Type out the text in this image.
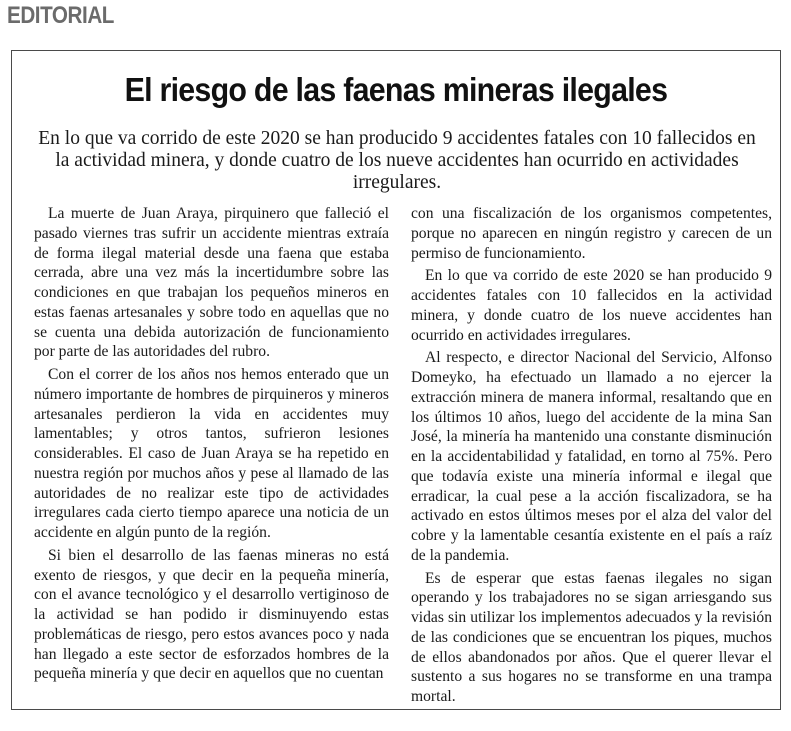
EDITORIAL
El riesgo de las faenas mineras ilegales

En lo que va corrido de este 2020 se han producido 9 accidentes fatales con 10 fallecidos en la actividad minera, y donde cuatro de los nueve accidentes han ocurrido en actividades irregulares.

La muerte de Juan Araya, pirquinero que falleció el pasado viernes tras sufrir un accidente mientras extraía de forma ilegal material desde una faena que estaba cerrada, abre una vez más la incertidumbre sobre las condiciones en que trabajan los pequeños mineros en estas faenas artesanales y sobre todo en aquellas que no se cuenta una debida autorización de funcionamiento por parte de las autoridades del rubro.

Con el correr de los años nos hemos enterado que un número importante de hombres de pirquineros y mineros artesanales perdieron la vida en accidentes muy lamentables; y otros tantos, sufrieron lesiones considerables. El caso de Juan Araya se ha repetido en nuestra región por muchos años y pese al llamado de las autoridades de no realizar este tipo de actividades irregulares cada cierto tiempo aparece una noticia de un accidente en algún punto de la región.

Si bien el desarrollo de las faenas mineras no está exento de riesgos, y que decir en la pequeña minería, con el avance tecnológico y el desarrollo vertiginoso de la actividad se han podido ir disminuyendo estas problemáticas de riesgo, pero estos avances poco y nada han llegado a este sector de esforzados hombres de la pequeña minería y que decir en aquellos que no cuentan

con una fiscalización de los organismos competentes, porque no aparecen en ningún registro y carecen de un permiso de funcionamiento.

En lo que va corrido de este 2020 se han producido 9 accidentes fatales con 10 fallecidos en la actividad minera, y donde cuatro de los nueve accidentes han ocurrido en actividades irregulares.

Al respecto, e director Nacional del Servicio, Alfonso Domeyko, ha efectuado un llamado a no ejercer la extracción minera de manera informal, resaltando que en los últimos 10 años, luego del accidente de la mina San José, la minería ha mantenido una constante disminución en la accidentabilidad y fatalidad, en torno al 75%. Pero que todavía existe una minería informal e ilegal que erradicar, la cual pese a la acción fiscalizadora, se ha activado en estos últimos meses por el alza del valor del cobre y la lamentable cesantía existente en el país a raíz de la pandemia.

Es de esperar que estas faenas ilegales no sigan operando y los trabajadores no se sigan arriesgando sus vidas sin utilizar los implementos adecuados y la revisión de las condiciones que se encuentran los piques, muchos de ellos abandonados por años. Que el querer llevar el sustento a sus hogares no se transforme en una trampa mortal.
